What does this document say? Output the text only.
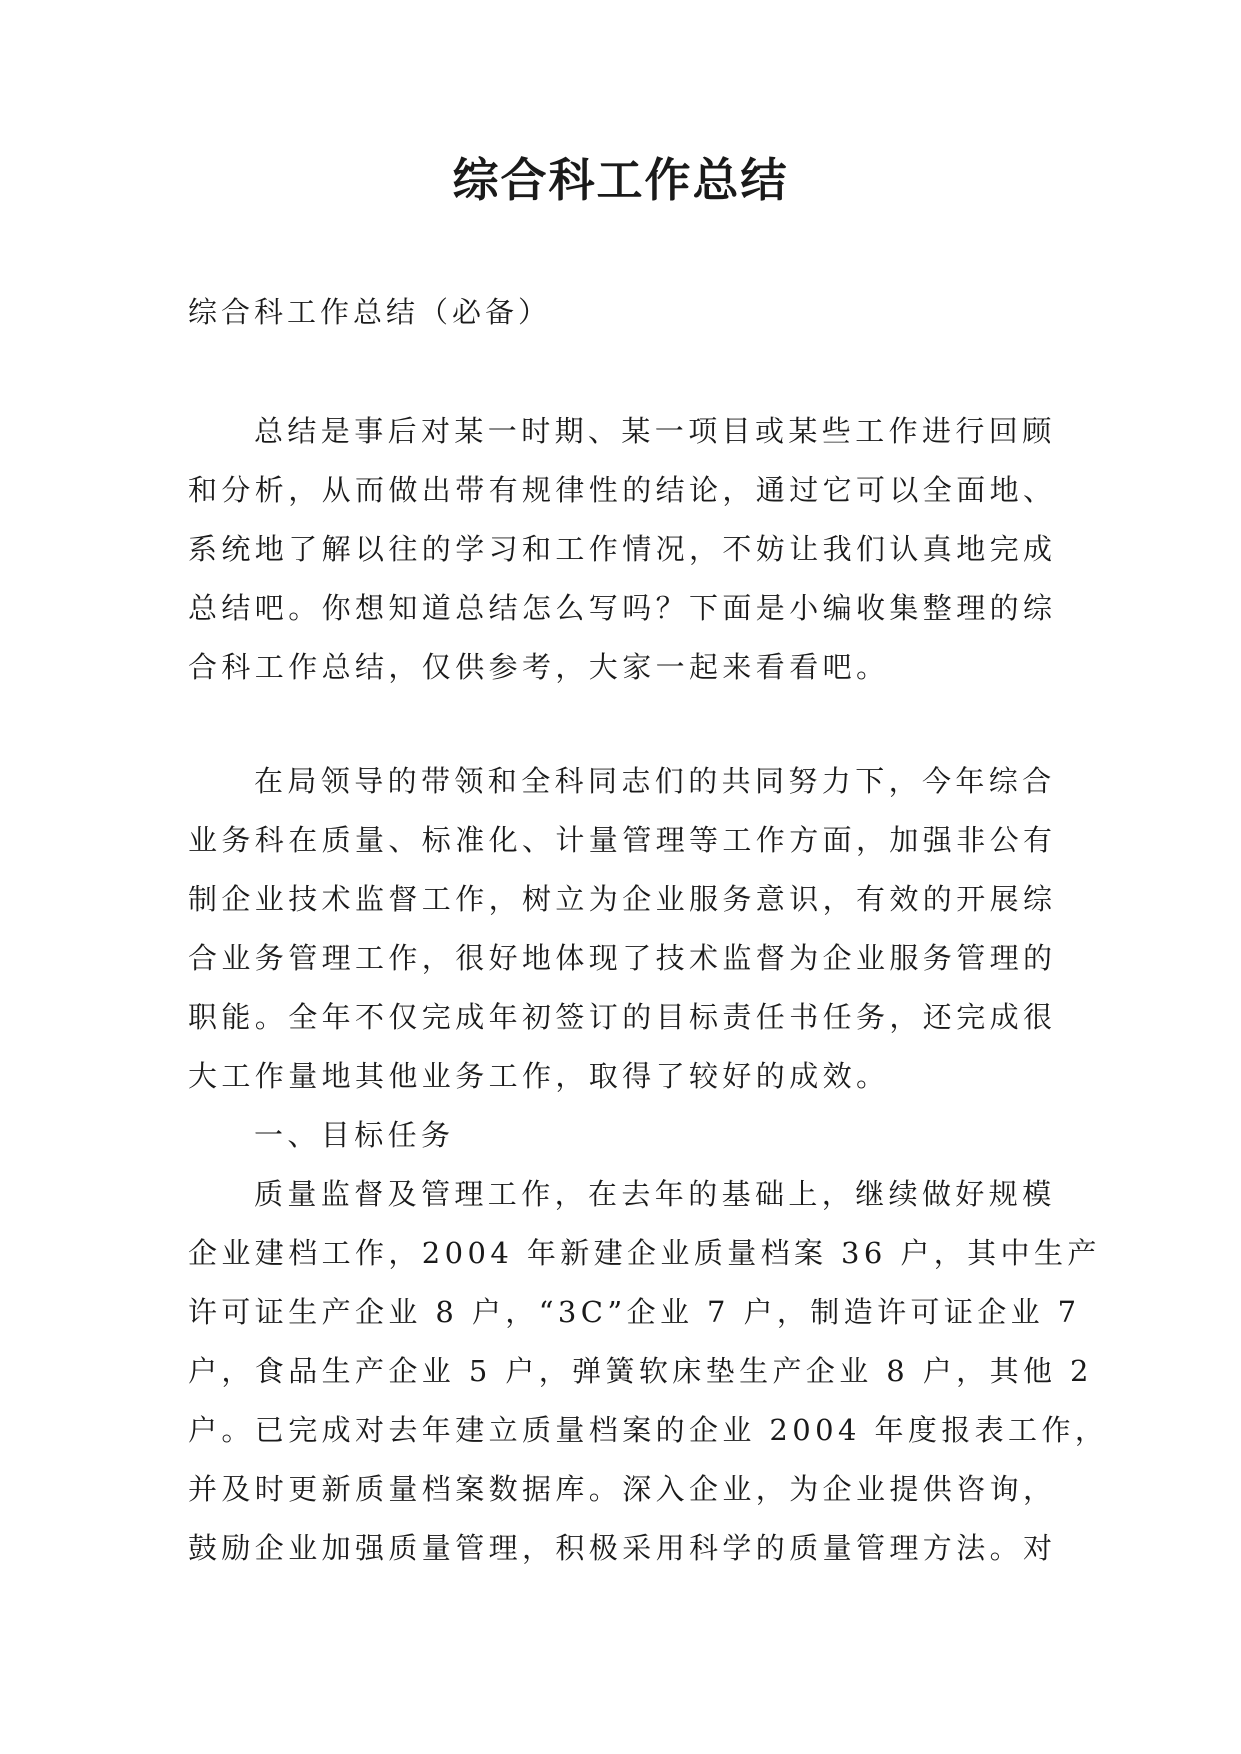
综合科工作总结

综合科工作总结（必备）

总结是事后对某一时期、某一项目或某些工作进行回顾
和分析，从而做出带有规律性的结论，通过它可以全面地、
系统地了解以往的学习和工作情况，不妨让我们认真地完成
总结吧。你想知道总结怎么写吗？下面是小编收集整理的综
合科工作总结，仅供参考，大家一起来看看吧。
在局领导的带领和全科同志们的共同努力下，今年综合
业务科在质量、标准化、计量管理等工作方面，加强非公有
制企业技术监督工作，树立为企业服务意识，有效的开展综
合业务管理工作，很好地体现了技术监督为企业服务管理的
职能。全年不仅完成年初签订的目标责任书任务，还完成很
大工作量地其他业务工作，取得了较好的成效。
一、目标任务
质量监督及管理工作，在去年的基础上，继续做好规模
企业建档工作，2004 年新建企业质量档案 36 户，其中生产
许可证生产企业 8 户，“3C”企业 7 户，制造许可证企业 7
户，食品生产企业 5 户，弹簧软床垫生产企业 8 户，其他 2
户。已完成对去年建立质量档案的企业 2004 年度报表工作，
并及时更新质量档案数据库。深入企业，为企业提供咨询，
鼓励企业加强质量管理，积极采用科学的质量管理方法。对
